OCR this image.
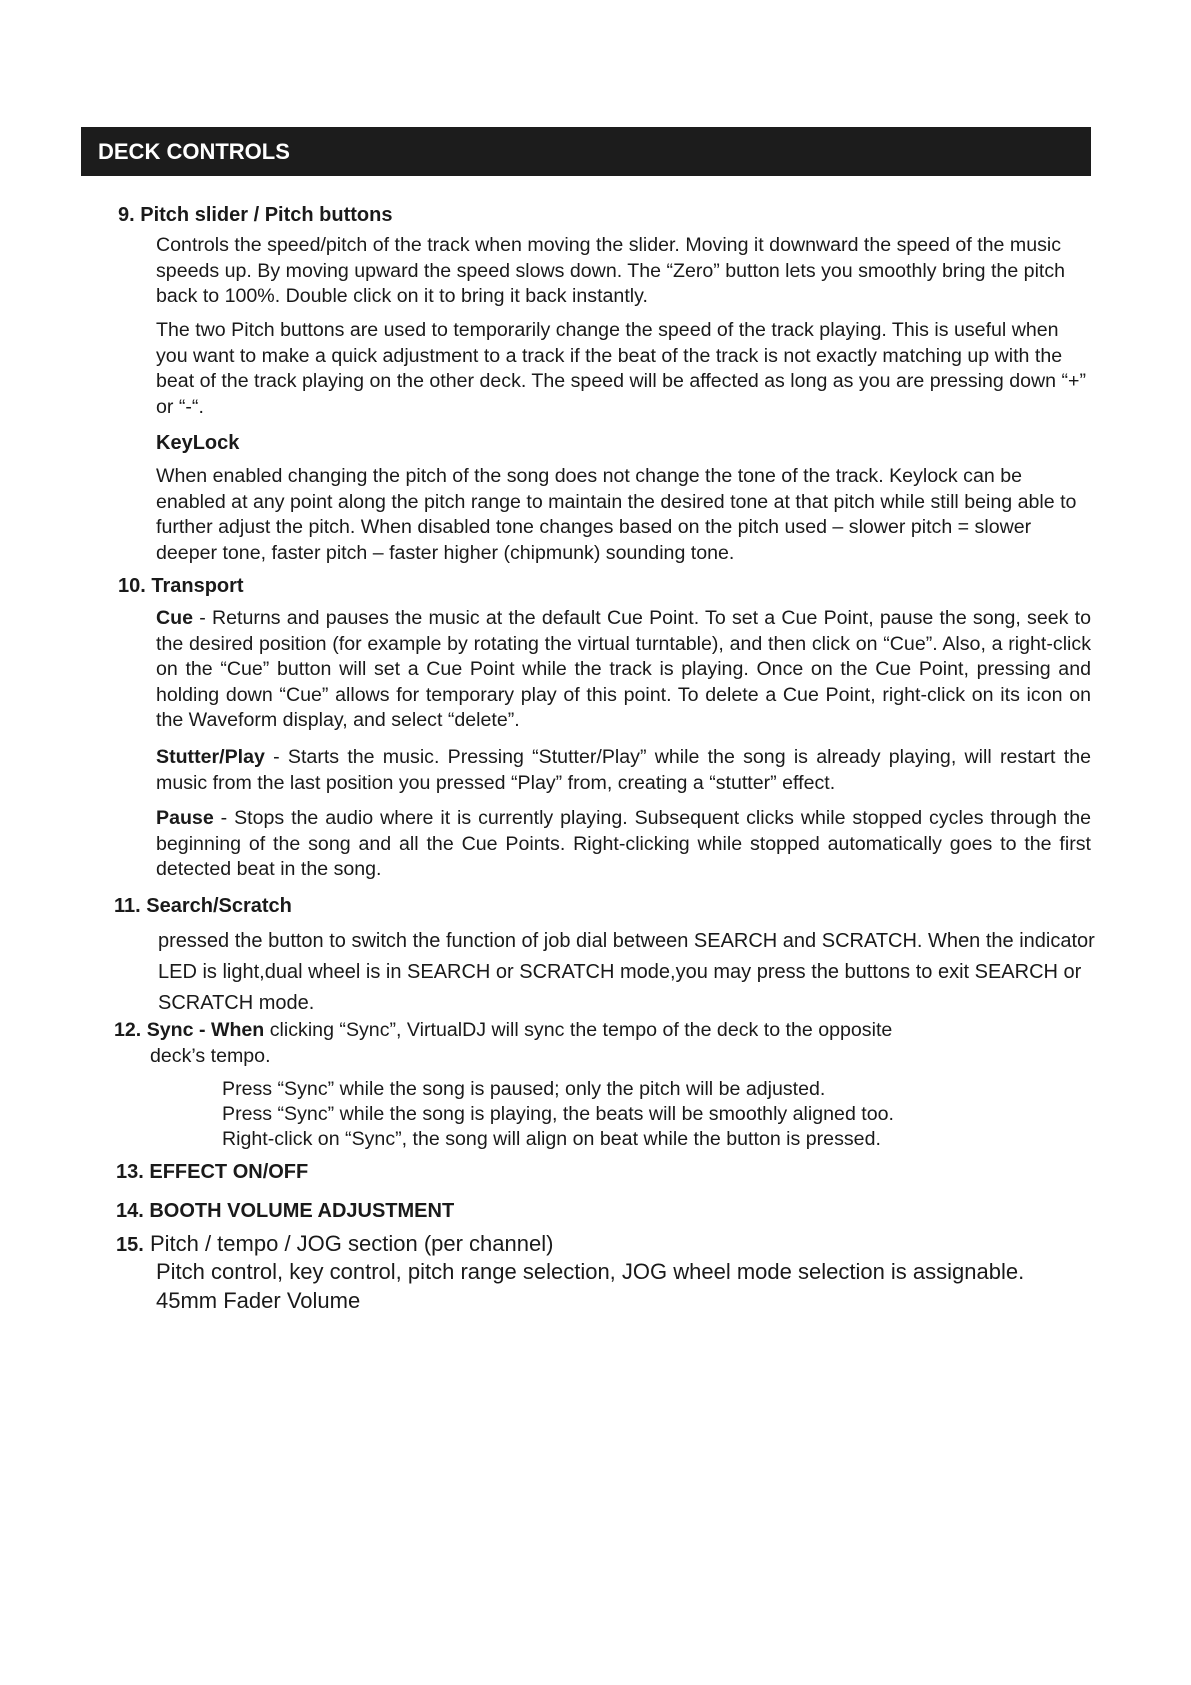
DECK CONTROLS
9. Pitch slider / Pitch buttons
Controls the speed/pitch of the track when moving the slider. Moving it downward the speed of the music speeds up. By moving upward the speed slows down. The “Zero” button lets you smoothly bring the pitch back to 100%. Double click on it to bring it back instantly.
The two Pitch buttons are used to temporarily change the speed of the track playing. This is useful when you want to make a quick adjustment to a track if the beat of the track is not exactly matching up with the beat of the track playing on the other deck. The speed will be affected as long as you are pressing down “+” or “-“.
KeyLock
When enabled changing the pitch of the song does not change the tone of the track. Keylock can be enabled at any point along the pitch range to maintain the desired tone at that pitch while still being able to further adjust the pitch. When disabled tone changes based on the pitch used – slower pitch = slower deeper tone, faster pitch – faster higher (chipmunk) sounding tone.
10. Transport
Cue - Returns and pauses the music at the default Cue Point. To set a Cue Point, pause the song, seek to the desired position (for example by rotating the virtual turntable), and then click on “Cue”. Also, a right-click on the “Cue” button will set a Cue Point while the track is playing. Once on the Cue Point, pressing and holding down “Cue” allows for temporary play of this point. To delete a Cue Point, right-click on its icon on the Waveform display, and select “delete”.
Stutter/Play - Starts the music. Pressing “Stutter/Play” while the song is already playing, will restart the music from the last position you pressed “Play” from, creating a “stutter” effect.
Pause - Stops the audio where it is currently playing. Subsequent clicks while stopped cycles through the beginning of the song and all the Cue Points. Right-clicking while stopped automatically goes to the first detected beat in the song.
11. Search/Scratch
pressed the button to switch the function of job dial between SEARCH and SCRATCH. When the indicator LED is light,dual wheel is in SEARCH or SCRATCH mode,you may press the buttons to exit SEARCH or SCRATCH mode.
12. Sync - When clicking “Sync”, VirtualDJ will sync the tempo of the deck to the opposite
deck’s tempo.
Press “Sync” while the song is paused; only the pitch will be adjusted.
Press “Sync” while the song is playing, the beats will be smoothly aligned too.
Right-click on “Sync”, the song will align on beat while the button is pressed.
13. EFFECT ON/OFF
14. BOOTH VOLUME ADJUSTMENT
15. Pitch / tempo / JOG section (per channel)
Pitch control, key control, pitch range selection, JOG wheel mode selection is assignable.
45mm Fader Volume
